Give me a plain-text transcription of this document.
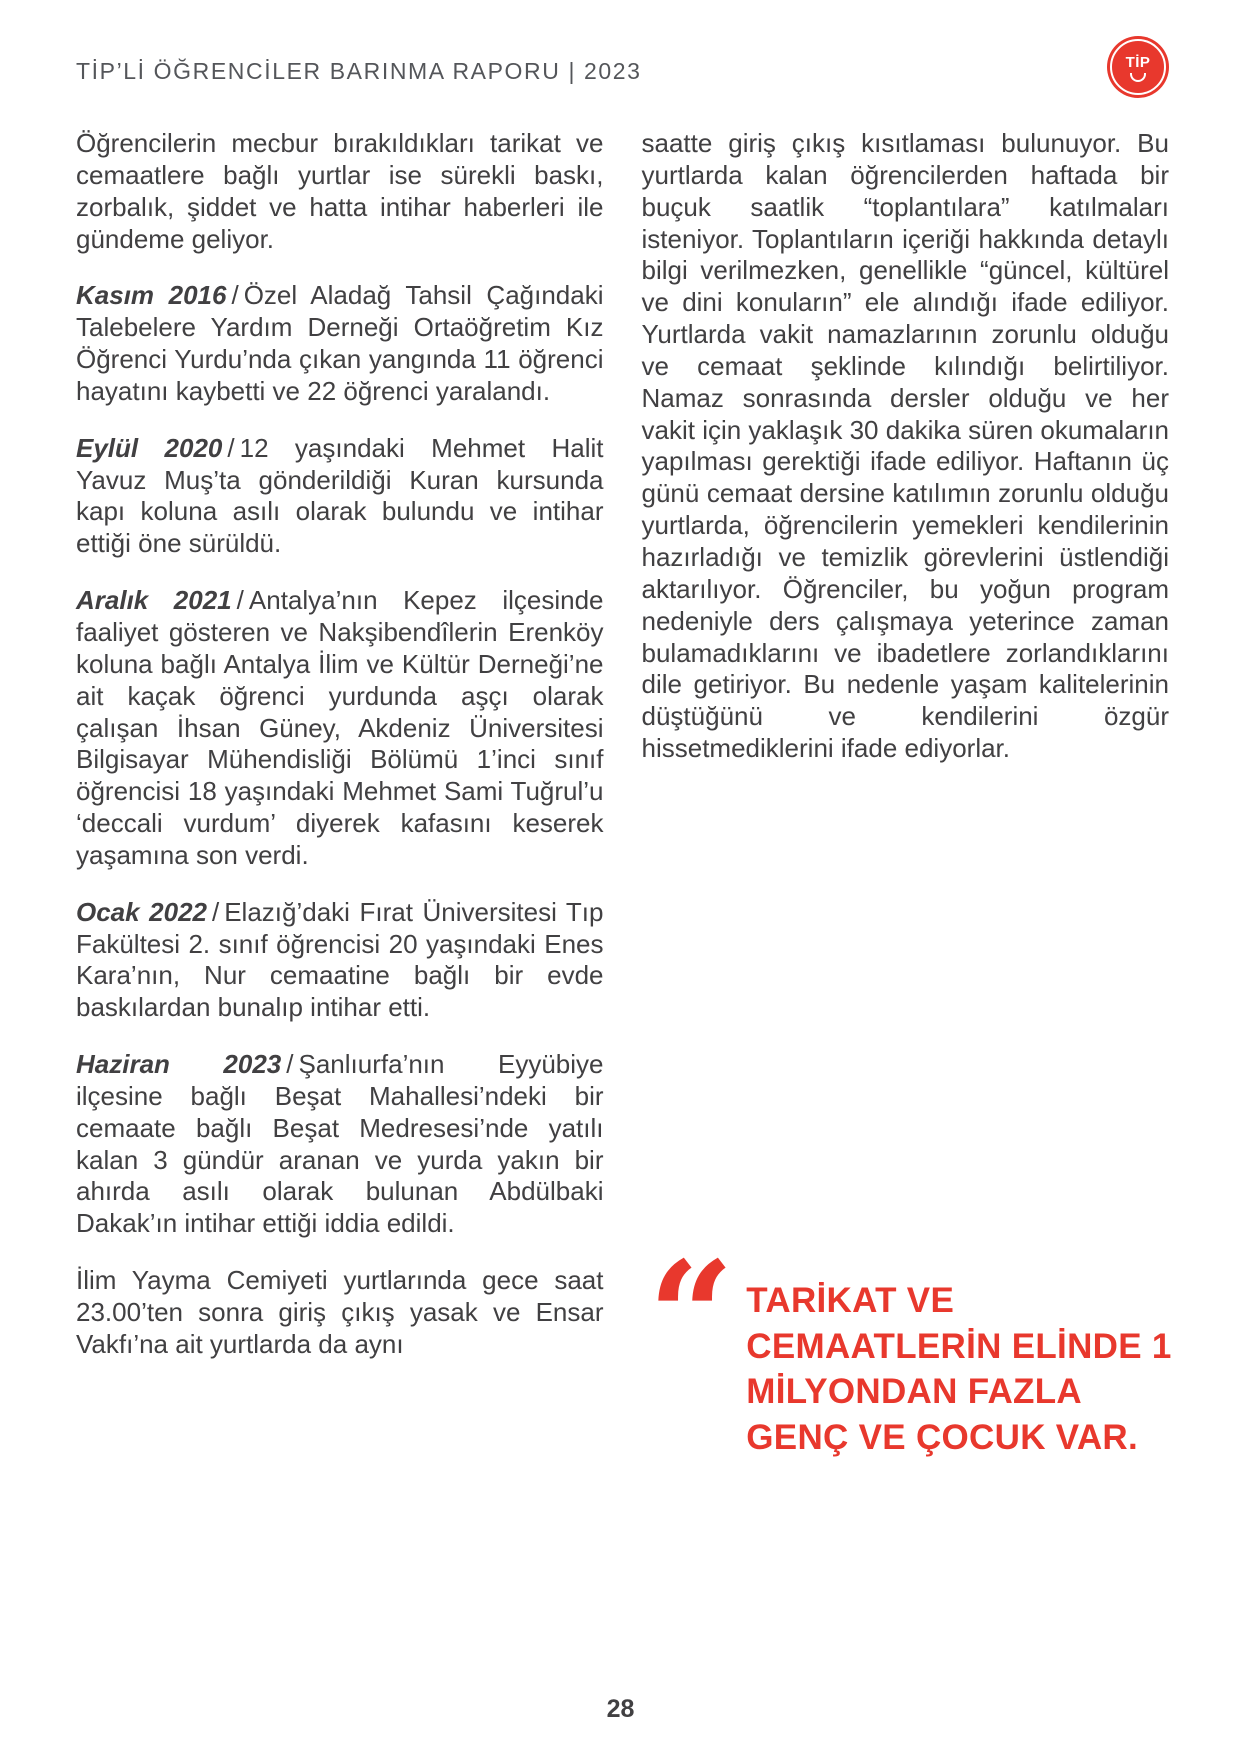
TİP’Lİ ÖĞRENCİLER BARINMA RAPORU | 2023	TİP

Öğrencilerin mecbur bırakıldıkları tarikat ve cemaatlere bağlı yurtlar ise sürekli baskı, zorbalık, şiddet ve hatta intihar haberleri ile gündeme geliyor.

Kasım 2016 / Özel Aladağ Tahsil Çağındaki Talebelere Yardım Derneği Ortaöğretim Kız Öğrenci Yurdu’nda çıkan yangında 11 öğrenci hayatını kaybetti ve 22 öğrenci yaralandı.

Eylül 2020 / 12 yaşındaki Mehmet Halit Yavuz Muş’ta gönderildiği Kuran kursunda kapı koluna asılı olarak bulundu ve intihar ettiği öne sürüldü.

Aralık 2021 / Antalya’nın Kepez ilçesinde faaliyet gösteren ve Nakşibendîlerin Erenköy koluna bağlı Antalya İlim ve Kültür Derneği’ne ait kaçak öğrenci yurdunda aşçı olarak çalışan İhsan Güney, Akdeniz Üniversitesi Bilgisayar Mühendisliği Bölümü 1’inci sınıf öğrencisi 18 yaşındaki Mehmet Sami Tuğrul’u ‘deccali vurdum’ diyerek kafasını keserek yaşamına son verdi.

Ocak 2022 / Elazığ’daki Fırat Üniversitesi Tıp Fakültesi 2. sınıf öğrencisi 20 yaşındaki Enes Kara’nın, Nur cemaatine bağlı bir evde baskılardan bunalıp intihar etti.

Haziran 2023 / Şanlıurfa’nın Eyyübiye ilçesine bağlı Beşat Mahallesi’ndeki bir cemaate bağlı Beşat Medresesi’nde yatılı kalan 3 gündür aranan ve yurda yakın bir ahırda asılı olarak bulunan Abdülbaki Dakak’ın intihar ettiği iddia edildi.

İlim Yayma Cemiyeti yurtlarında gece saat 23.00’ten sonra giriş çıkış yasak ve Ensar Vakfı’na ait yurtlarda da aynı

saatte giriş çıkış kısıtlaması bulunuyor. Bu yurtlarda kalan öğrencilerden haftada bir buçuk saatlik “toplantılara” katılmaları isteniyor. Toplantıların içeriği hakkında detaylı bilgi verilmezken, genellikle “güncel, kültürel ve dini konuların” ele alındığı ifade ediliyor. Yurtlarda vakit namazlarının zorunlu olduğu ve cemaat şeklinde kılındığı belirtiliyor. Namaz sonrasında dersler olduğu ve her vakit için yaklaşık 30 dakika süren okumaların yapılması gerektiği ifade ediliyor. Haftanın üç günü cemaat dersine katılımın zorunlu olduğu yurtlarda, öğrencilerin yemekleri kendilerinin hazırladığı ve temizlik görevlerini üstlendiği aktarılıyor. Öğrenciler, bu yoğun program nedeniyle ders çalışmaya yeterince zaman bulamadıklarını ve ibadetlere zorlandıklarını dile getiriyor. Bu nedenle yaşam kalitelerinin düştüğünü ve kendilerini özgür hissetmediklerini ifade ediyorlar.

“ TARİKAT VE CEMAATLERİN ELİNDE 1 MİLYONDAN FAZLA GENÇ VE ÇOCUK VAR.
28
